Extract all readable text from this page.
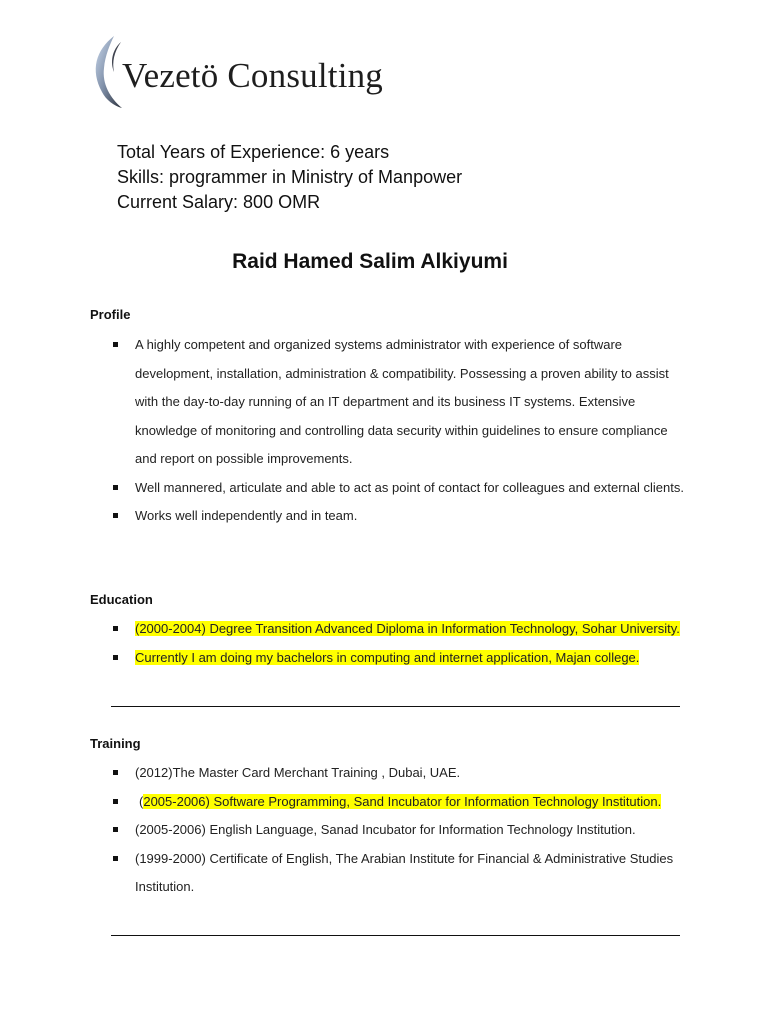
Vezetö Consulting
Total Years of Experience: 6 years
Skills: programmer in Ministry of Manpower
Current Salary: 800 OMR
Raid Hamed Salim Alkiyumi
Profile
A highly competent and organized systems administrator with experience of software development, installation, administration & compatibility. Possessing a proven ability to assist with the day-to-day running of an IT department and its business IT systems. Extensive knowledge of monitoring and controlling data security within guidelines to ensure compliance and report on possible improvements.
Well mannered, articulate and able to act as point of contact for colleagues and external clients.
Works well independently and in team.
Education
(2000-2004) Degree Transition Advanced Diploma in Information Technology, Sohar University.
Currently I am doing my bachelors in computing and internet application, Majan college.
Training
(2012)The Master Card Merchant Training , Dubai, UAE.
(2005-2006) Software Programming, Sand Incubator for Information Technology Institution.
(2005-2006) English Language, Sanad Incubator for Information Technology Institution.
(1999-2000) Certificate of English, The Arabian Institute for Financial & Administrative Studies Institution.
